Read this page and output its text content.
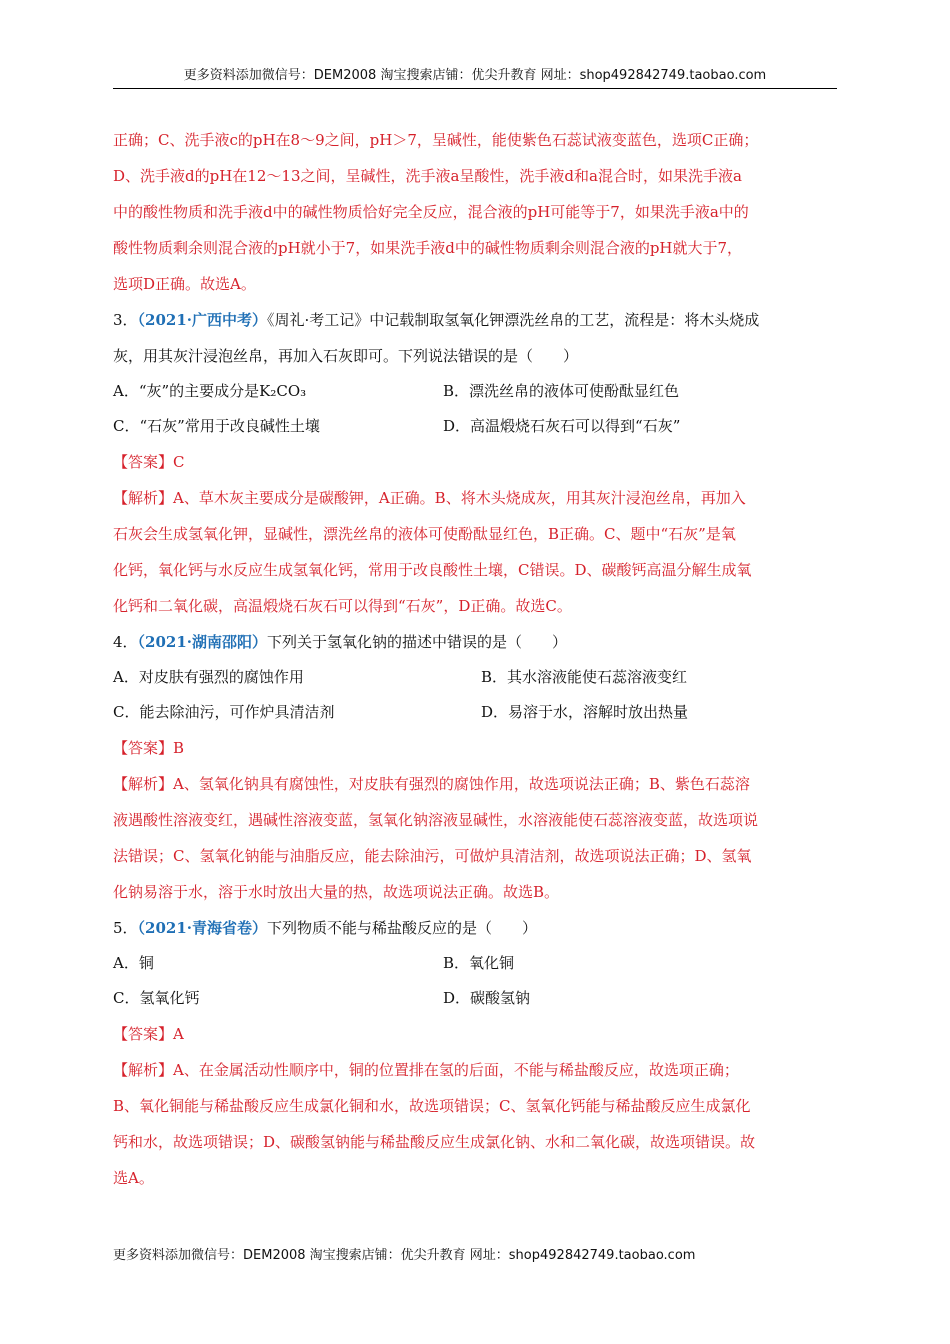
更多资料添加微信号：DEM2008 淘宝搜索店铺：优尖升教育 网址：shop492842749.taobao.com
正确；C、洗手液c的pH在8～9之间，pH＞7，呈碱性，能使紫色石蕊试液变蓝色，选项C正确；
D、洗手液d的pH在12～13之间，呈碱性，洗手液a呈酸性，洗手液d和a混合时，如果洗手液a
中的酸性物质和洗手液d中的碱性物质恰好完全反应，混合液的pH可能等于7，如果洗手液a中的
酸性物质剩余则混合液的pH就小于7，如果洗手液d中的碱性物质剩余则混合液的pH就大于7，
选项D正确。故选A。
3．（2021·广西中考）《周礼·考工记》中记载制取氢氧化钾漂洗丝帛的工艺，流程是：将木头烧成
灰，用其灰汁浸泡丝帛，再加入石灰即可。下列说法错误的是（　　）
A．“灰”的主要成分是K₂CO₃	B．漂洗丝帛的液体可使酚酞显红色
C．“石灰”常用于改良碱性土壤	D．高温煅烧石灰石可以得到“石灰”
【答案】C
【解析】A、草木灰主要成分是碳酸钾，A正确。B、将木头烧成灰，用其灰汁浸泡丝帛，再加入
石灰会生成氢氧化钾，显碱性，漂洗丝帛的液体可使酚酞显红色，B正确。C、题中“石灰”是氧
化钙，氧化钙与水反应生成氢氧化钙，常用于改良酸性土壤，C错误。D、碳酸钙高温分解生成氧
化钙和二氧化碳，高温煅烧石灰石可以得到“石灰”，D正确。故选C。
4．（2021·湖南邵阳）下列关于氢氧化钠的描述中错误的是（　　）
A．对皮肤有强烈的腐蚀作用	B．其水溶液能使石蕊溶液变红
C．能去除油污，可作炉具清洁剂	D．易溶于水，溶解时放出热量
【答案】B
【解析】A、氢氧化钠具有腐蚀性，对皮肤有强烈的腐蚀作用，故选项说法正确；B、紫色石蕊溶
液遇酸性溶液变红，遇碱性溶液变蓝，氢氧化钠溶液显碱性，水溶液能使石蕊溶液变蓝，故选项说
法错误；C、氢氧化钠能与油脂反应，能去除油污，可做炉具清洁剂，故选项说法正确；D、氢氧
化钠易溶于水，溶于水时放出大量的热，故选项说法正确。故选B。
5．（2021·青海省卷）下列物质不能与稀盐酸反应的是（　　）
A．铜	B．氧化铜
C．氢氧化钙	D．碳酸氢钠
【答案】A
【解析】A、在金属活动性顺序中，铜的位置排在氢的后面，不能与稀盐酸反应，故选项正确；
B、氧化铜能与稀盐酸反应生成氯化铜和水，故选项错误；C、氢氧化钙能与稀盐酸反应生成氯化
钙和水，故选项错误；D、碳酸氢钠能与稀盐酸反应生成氯化钠、水和二氧化碳，故选项错误。故
选A。
更多资料添加微信号：DEM2008 淘宝搜索店铺：优尖升教育 网址：shop492842749.taobao.com
